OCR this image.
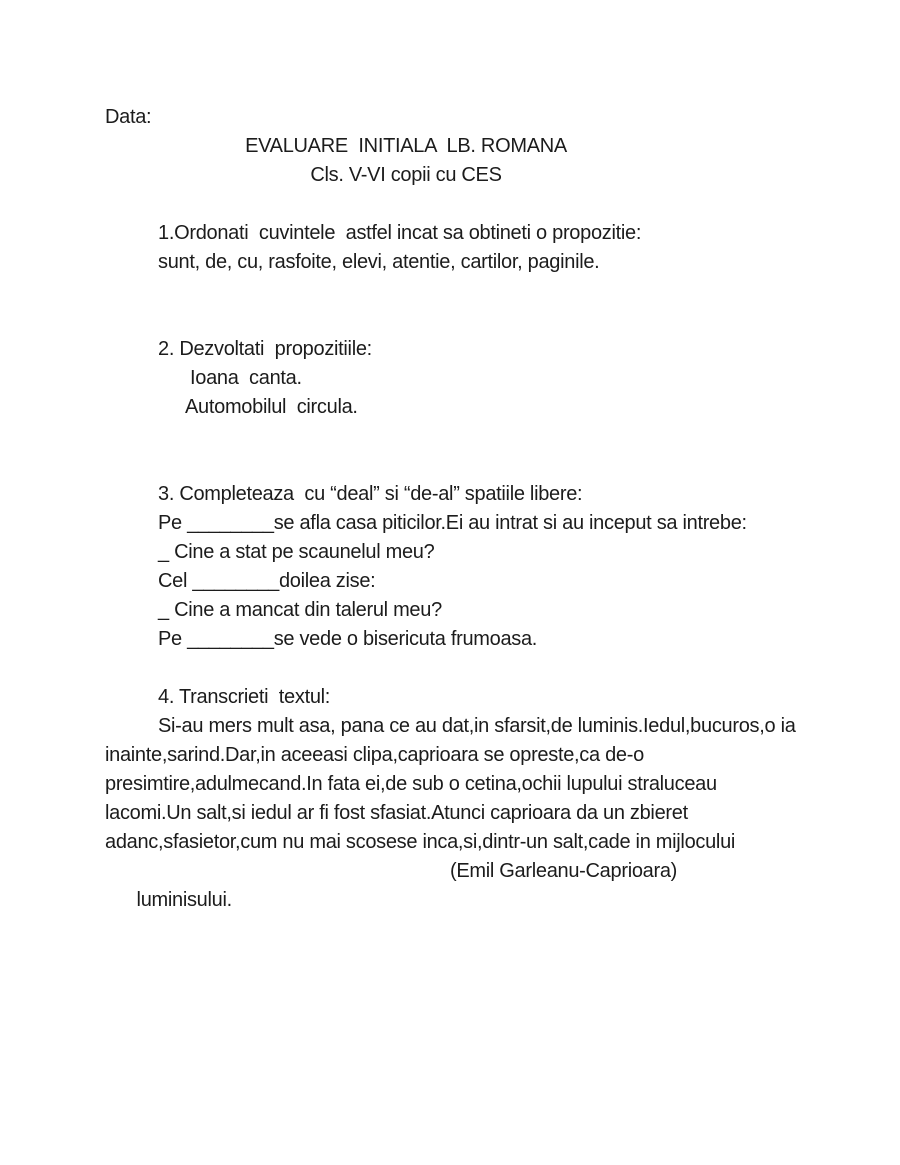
Data:
EVALUARE  INITIALA  LB. ROMANA
Cls. V-VI copii cu CES
1.Ordonati  cuvintele  astfel incat sa obtineti o propozitie:
sunt, de, cu, rasfoite, elevi, atentie, cartilor, paginile.
2. Dezvoltati  propozitiile:
Ioana  canta.
Automobilul  circula.
3. Completeaza  cu “deal” si “de-al” spatiile libere:
Pe ________se afla casa piticilor.Ei au intrat si au inceput sa intrebe:
_ Cine a stat pe scaunelul meu?
Cel ________doilea zise:
_ Cine a mancat din talerul meu?
Pe ________se vede o bisericuta frumoasa.
4. Transcrieti  textul:
Si-au mers mult asa, pana ce au dat,in sfarsit,de luminis.Iedul,bucuros,o ia
inainte,sarind.Dar,in aceeasi clipa,caprioara se opreste,ca de-o
presimtire,adulmecand.In fata ei,de sub o cetina,ochii lupului straluceau
lacomi.Un salt,si iedul ar fi fost sfasiat.Atunci caprioara da un zbieret
adanc,sfasietor,cum nu mai scosese inca,si,dintr-un salt,cade in mijlocului

luminisului.

(Emil Garleanu-Caprioara)
